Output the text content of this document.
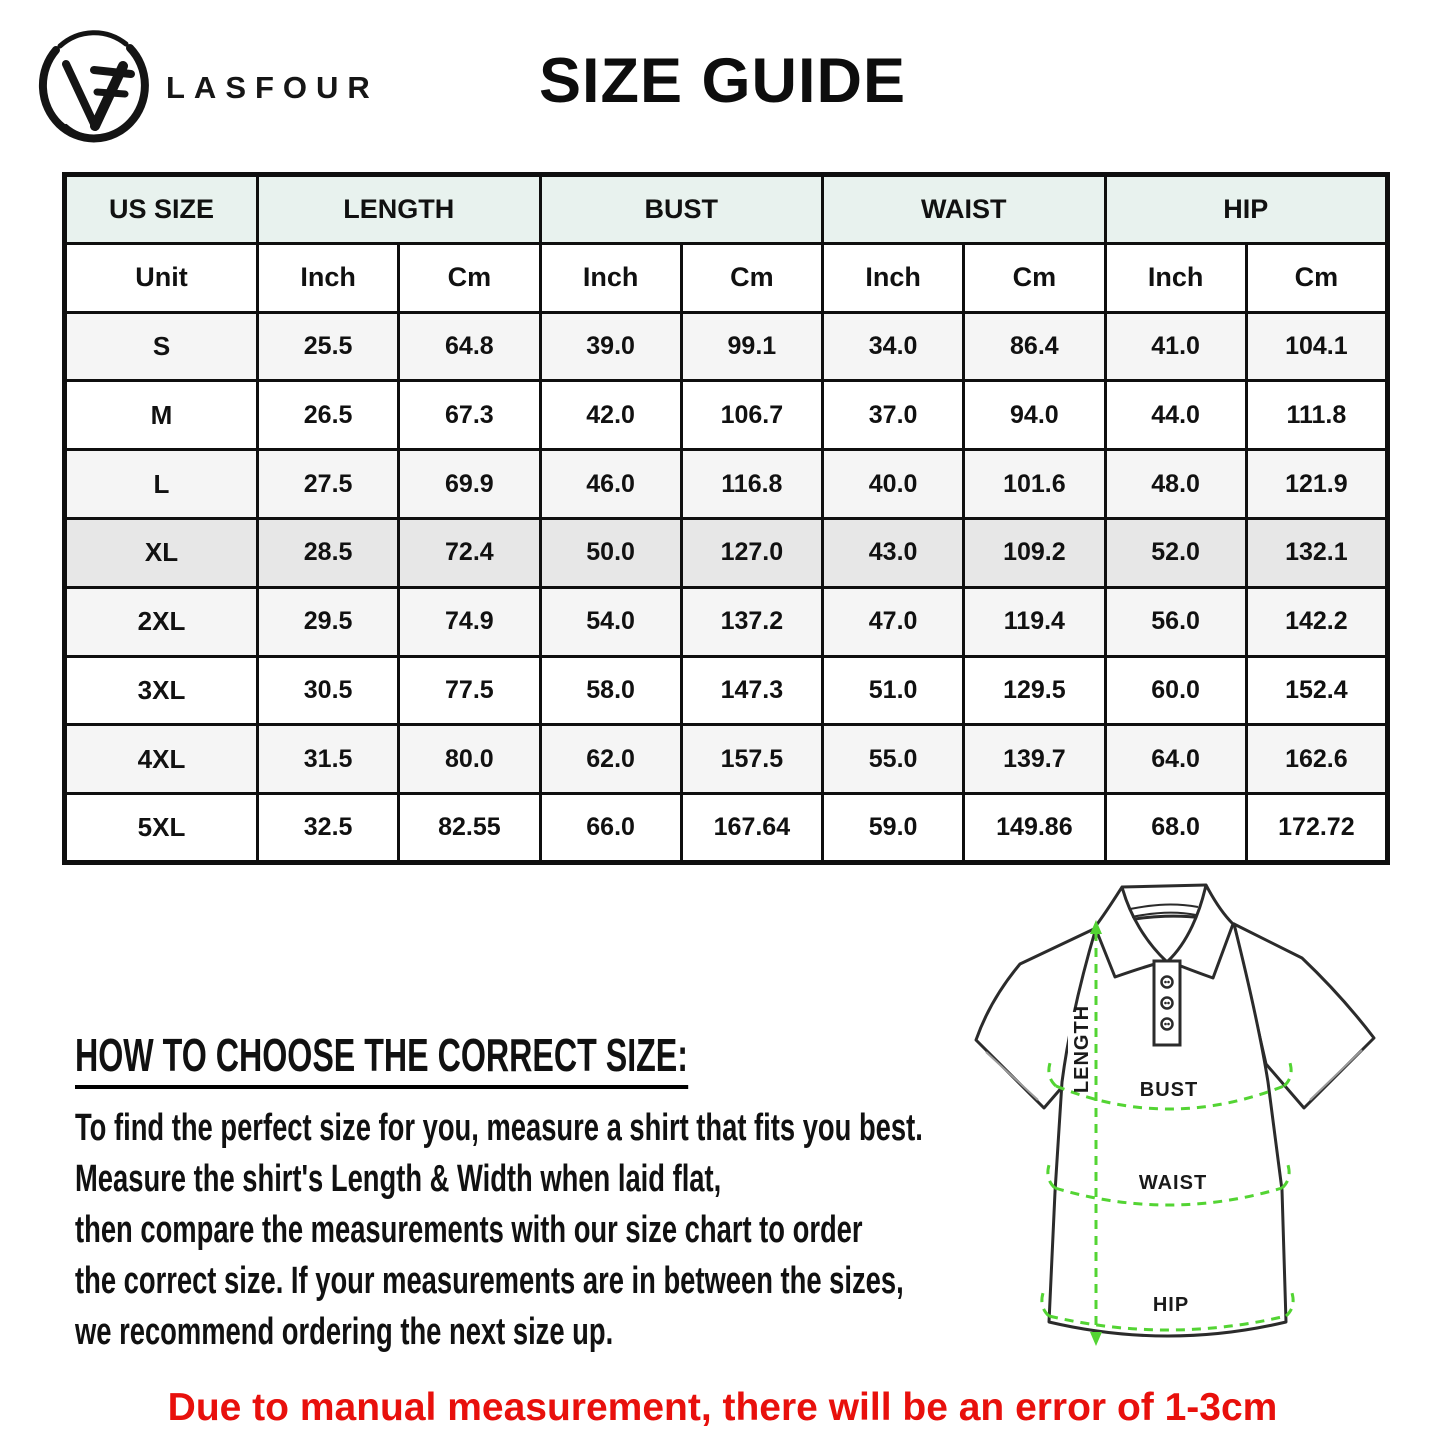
LASFOUR	SIZE GUIDE
US SIZE	LENGTH		BUST		WAIST		HIP	
Unit	Inch	Cm	Inch	Cm	Inch	Cm	Inch	Cm
S	25.5	64.8	39.0	99.1	34.0	86.4	41.0	104.1
M	26.5	67.3	42.0	106.7	37.0	94.0	44.0	111.8
L	27.5	69.9	46.0	116.8	40.0	101.6	48.0	121.9
XL	28.5	72.4	50.0	127.0	43.0	109.2	52.0	132.1
2XL	29.5	74.9	54.0	137.2	47.0	119.4	56.0	142.2
3XL	30.5	77.5	58.0	147.3	51.0	129.5	60.0	152.4
4XL	31.5	80.0	62.0	157.5	55.0	139.7	64.0	162.6
5XL	32.5	82.55	66.0	167.64	59.0	149.86	68.0	172.72
HOW TO CHOOSE THE CORRECT SIZE:
To find the perfect size for you, measure a shirt that fits you best.
Measure the shirt's Length & Width when laid flat,
then compare the measurements with our size chart to order
the correct size. If your measurements are in between the sizes,
we recommend ordering the next size up.
LENGTH BUST
WAIST
HIP
Due to manual measurement, there will be an error of 1-3cm
